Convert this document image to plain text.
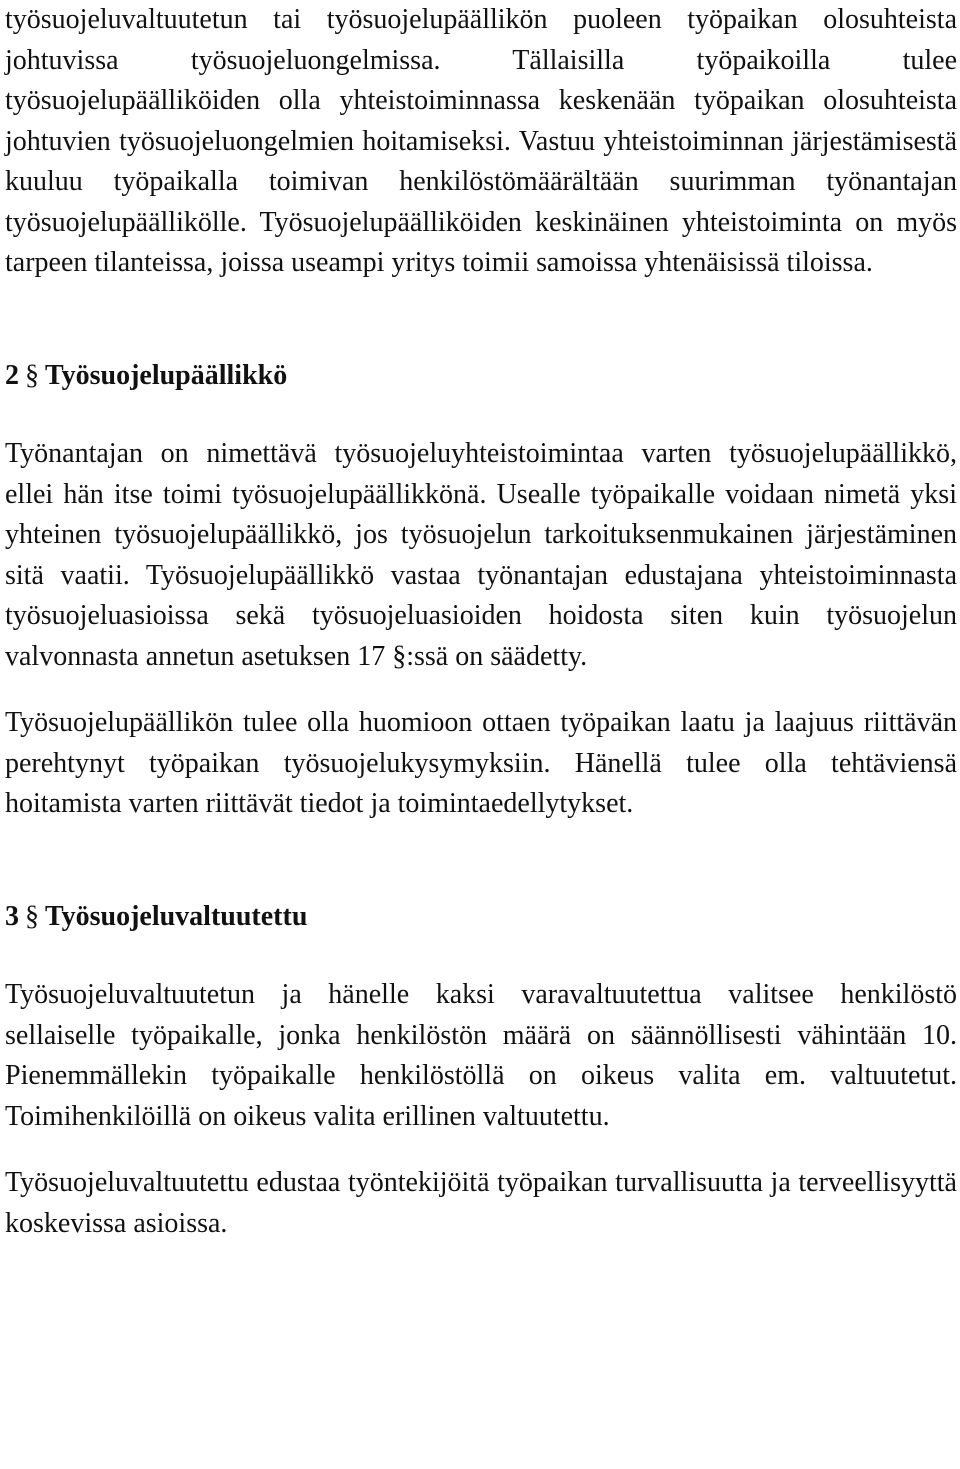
työsuojeluvaltuutetun tai työsuojelupäällikön puoleen työpaikan olosuhteista johtuvissa työsuojeluongelmissa. Tällaisilla työpaikoilla tulee työsuojelupäälliköiden olla yhteistoiminnassa keskenään työpaikan olosuhteista johtuvien työsuojeluongelmien hoitamiseksi. Vastuu yhteistoiminnan järjestämisestä kuuluu työpaikalla toimivan henkilöstömäärältään suurimman työnantajan työsuojelupäällikölle. Työsuojelupäälliköiden keskinäinen yhteistoiminta on myös tarpeen tilanteissa, joissa useampi yritys toimii samoissa yhtenäisissä tiloissa.

2 § Työsuojelupäällikkö

Työnantajan on nimettävä työsuojeluyhteistoimintaa varten työsuojelupäällikkö, ellei hän itse toimi työsuojelupäällikkönä. Usealle työpaikalle voidaan nimetä yksi yhteinen työsuojelupäällikkö, jos työsuojelun tarkoituksenmukainen järjestäminen sitä vaatii. Työsuojelupäällikkö vastaa työnantajan edustajana yhteistoiminnasta työsuojeluasioissa sekä työsuojeluasioiden hoidosta siten kuin työsuojelun valvonnasta annetun asetuksen 17 §:ssä on säädetty.

Työsuojelupäällikön tulee olla huomioon ottaen työpaikan laatu ja laajuus riittävän perehtynyt työpaikan työsuojelukysymyksiin. Hänellä tulee olla tehtäviensä hoitamista varten riittävät tiedot ja toimintaedellytykset.

3 § Työsuojeluvaltuutettu

Työsuojeluvaltuutetun ja hänelle kaksi varavaltuutettua valitsee henkilöstö sellaiselle työpaikalle, jonka henkilöstön määrä on säännöllisesti vähintään 10. Pienemmällekin työpaikalle henkilöstöllä on oikeus valita em. valtuutetut. Toimihenkilöillä on oikeus valita erillinen valtuutettu.

Työsuojeluvaltuutettu edustaa työntekijöitä työpaikan turvallisuutta ja terveellisyyttä koskevissa asioissa.
